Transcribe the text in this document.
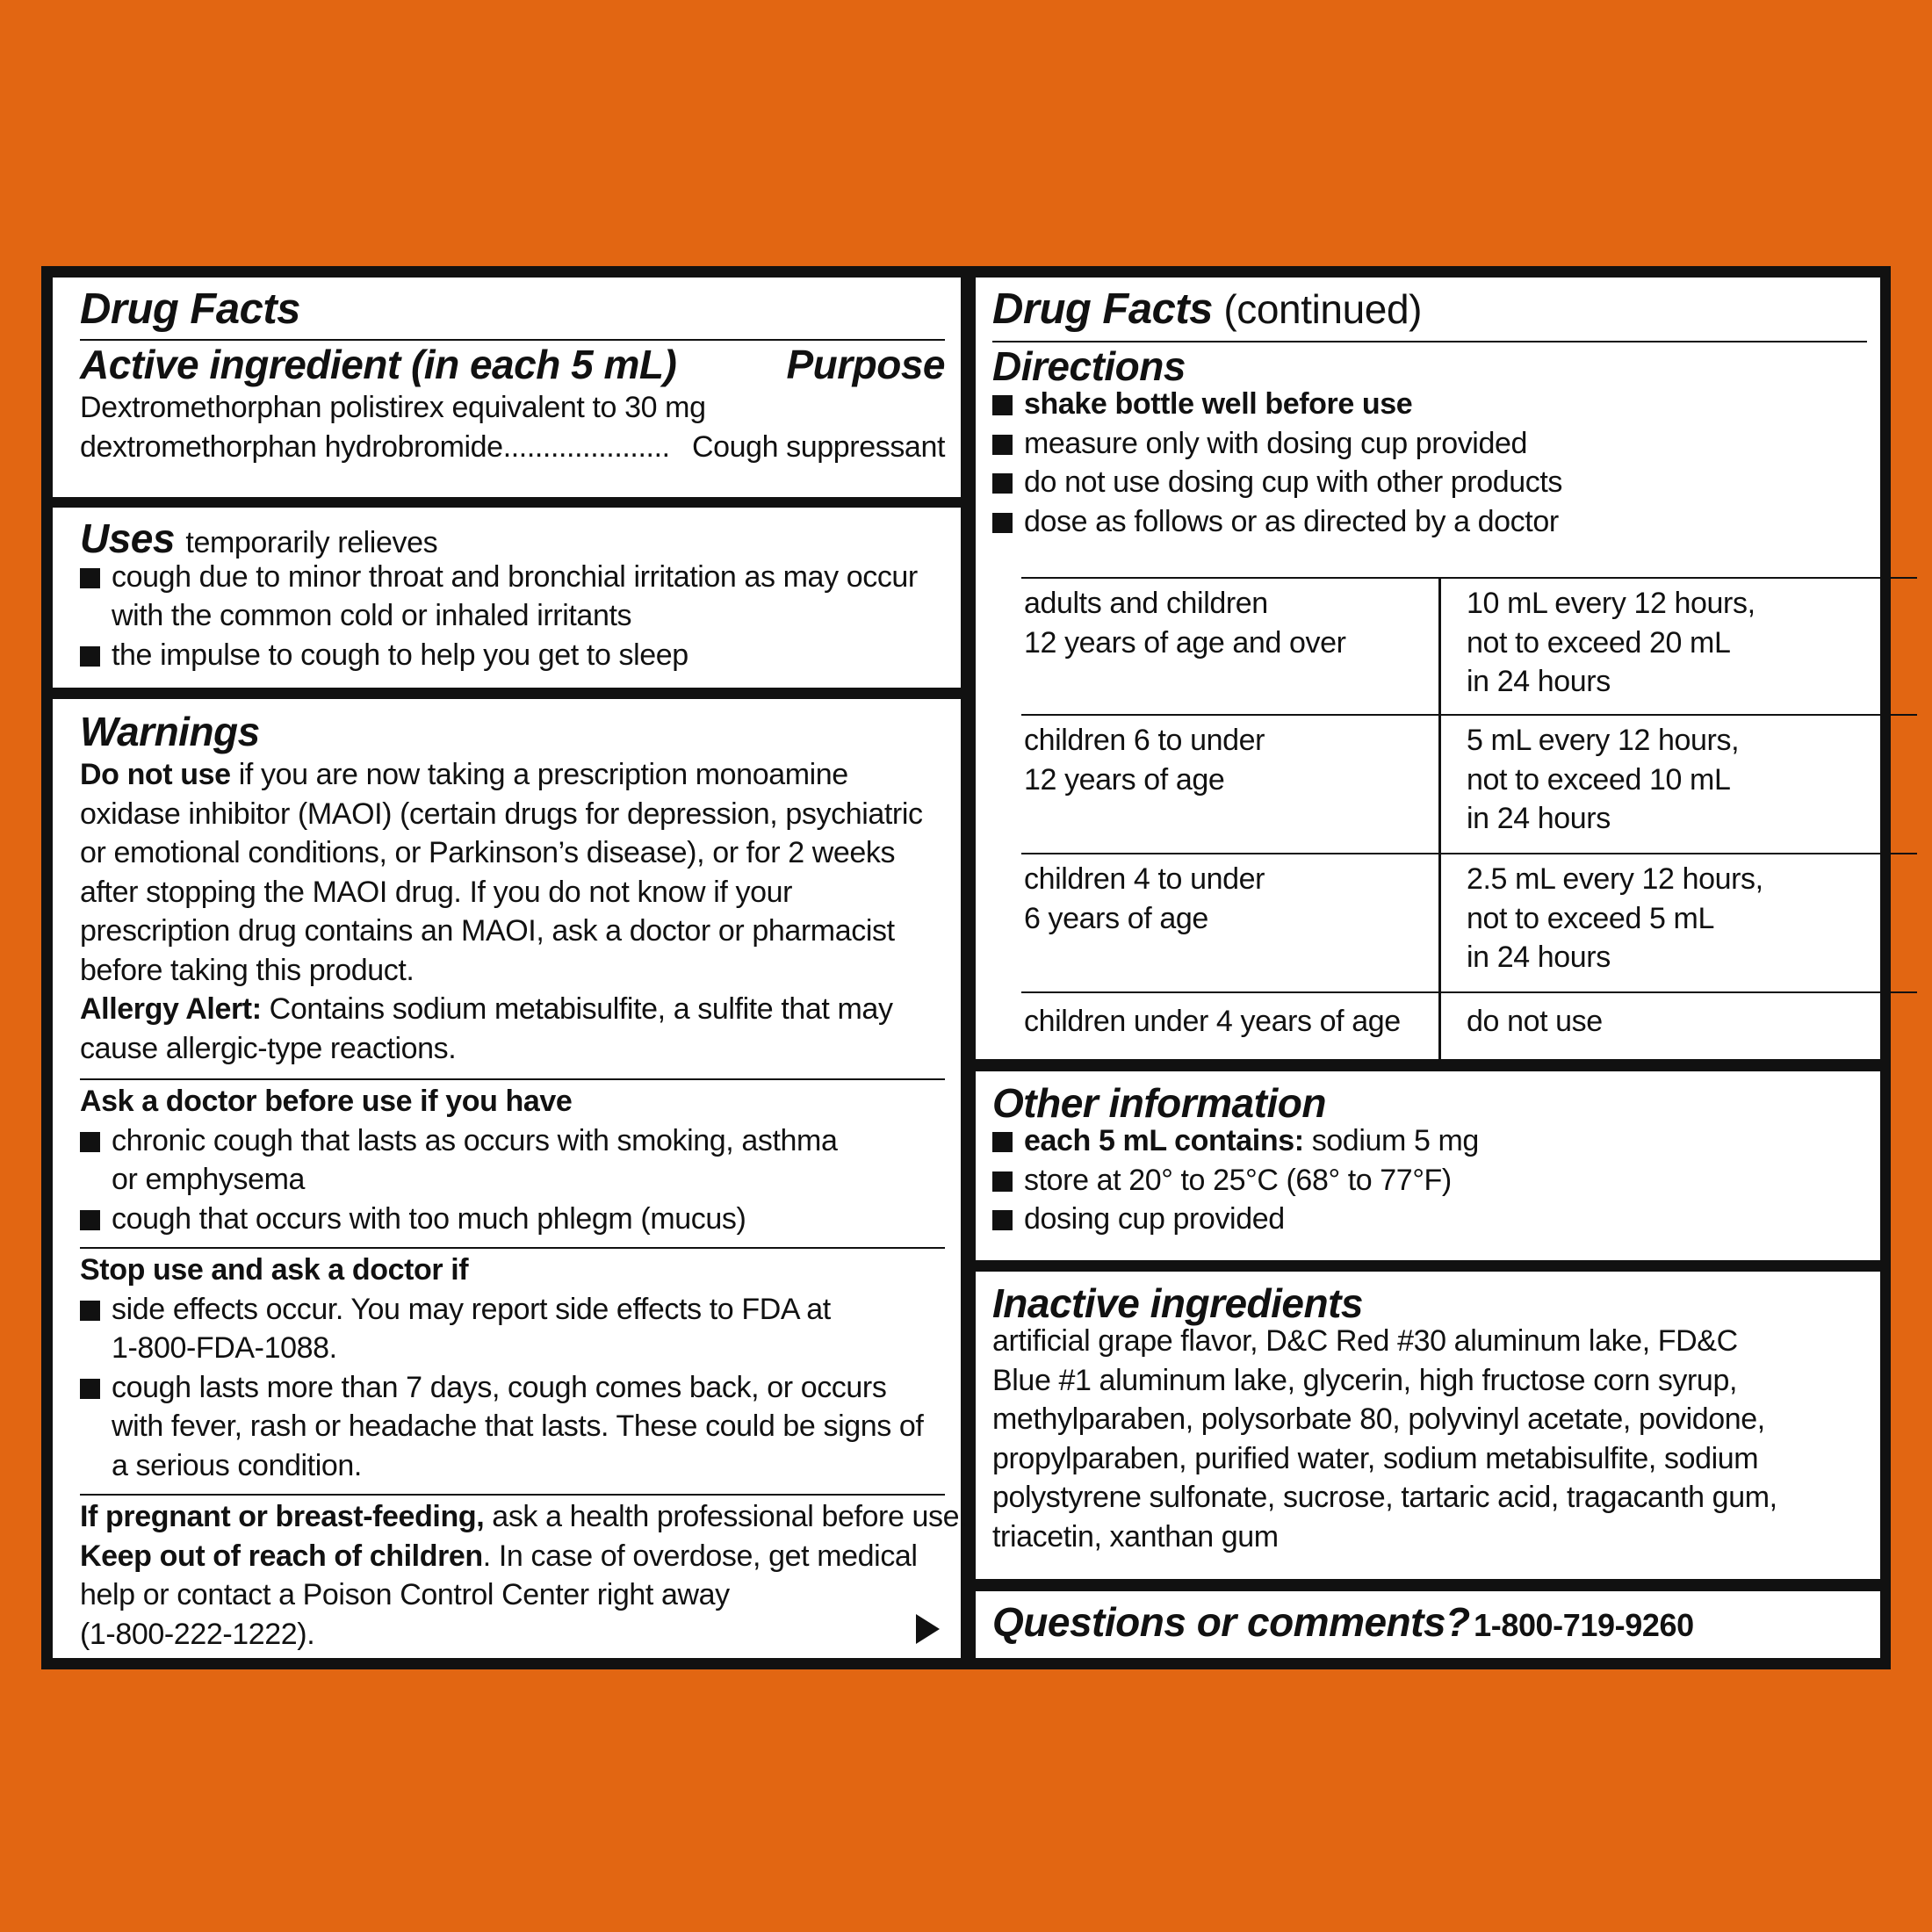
Drug Facts
Active ingredient (in each 5 mL)	Purpose
Dextromethorphan polistirex equivalent to 30 mg
dextromethorphan hydrobromide..................... Cough suppressant
Uses temporarily relieves
cough due to minor throat and bronchial irritation as may occur
with the common cold or inhaled irritants
the impulse to cough to help you get to sleep
Warnings
Do not use if you are now taking a prescription monoamine
oxidase inhibitor (MAOI) (certain drugs for depression, psychiatric
or emotional conditions, or Parkinson’s disease), or for 2 weeks
after stopping the MAOI drug. If you do not know if your
prescription drug contains an MAOI, ask a doctor or pharmacist
before taking this product.
Allergy Alert: Contains sodium metabisulfite, a sulfite that may
cause allergic-type reactions.
Ask a doctor before use if you have
chronic cough that lasts as occurs with smoking, asthma
or emphysema
cough that occurs with too much phlegm (mucus)
Stop use and ask a doctor if
side effects occur. You may report side effects to FDA at
1-800-FDA-1088.
cough lasts more than 7 days, cough comes back, or occurs
with fever, rash or headache that lasts. These could be signs of
a serious condition.
If pregnant or breast-feeding, ask a health professional before use.
Keep out of reach of children. In case of overdose, get medical
help or contact a Poison Control Center right away
(1-800-222-1222).
Drug Facts (continued)
Directions
shake bottle well before use
measure only with dosing cup provided
do not use dosing cup with other products
dose as follows or as directed by a doctor
adults and children
12 years of age and over
10 mL every 12 hours,
not to exceed 20 mL
in 24 hours
children 6 to under
12 years of age
5 mL every 12 hours,
not to exceed 10 mL
in 24 hours
children 4 to under
6 years of age
2.5 mL every 12 hours,
not to exceed 5 mL
in 24 hours
children under 4 years of age do not use
Other information
each 5 mL contains: sodium 5 mg
store at 20° to 25°C (68° to 77°F)
dosing cup provided
Inactive ingredients
artificial grape flavor, D&C Red #30 aluminum lake, FD&C
Blue #1 aluminum lake, glycerin, high fructose corn syrup,
methylparaben, polysorbate 80, polyvinyl acetate, povidone,
propylparaben, purified water, sodium metabisulfite, sodium
polystyrene sulfonate, sucrose, tartaric acid, tragacanth gum,
triacetin, xanthan gum
Questions or comments? 1-800-719-9260
